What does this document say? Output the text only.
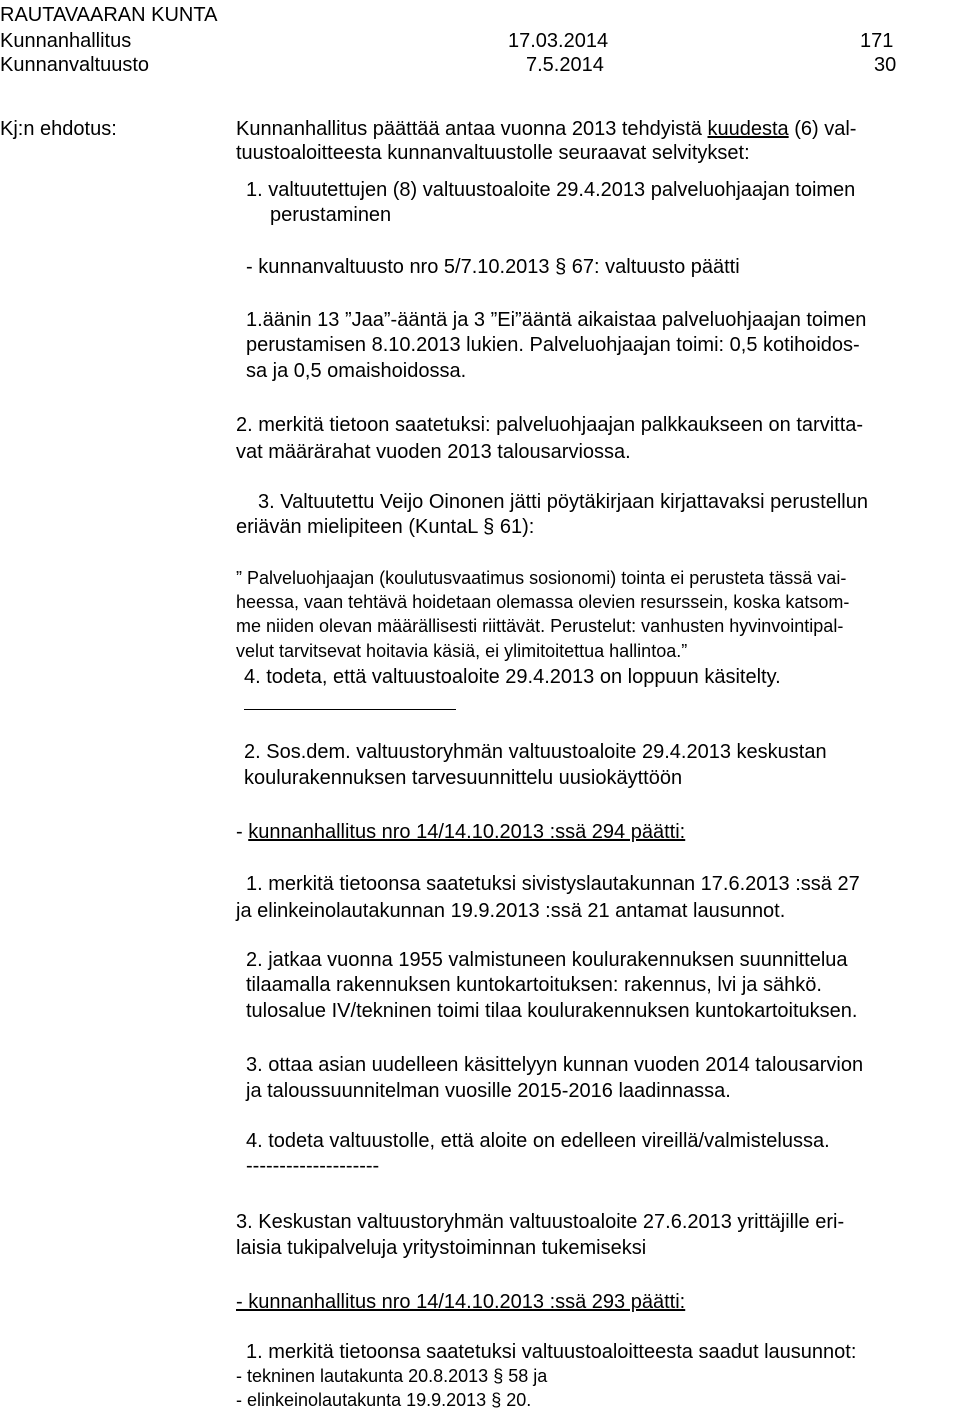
RAUTAVAARAN KUNTA
Kunnanhallitus	17.03.2014	171
Kunnanvaltuusto	7.5.2014	30
Kj:n ehdotus:	Kunnanhallitus päättää antaa vuonna 2013 tehdyistä kuudesta (6) val-
tuustoaloitteesta kunnanvaltuustolle seuraavat selvitykset:
1. valtuutettujen (8) valtuustoaloite 29.4.2013 palveluohjaajan toimen
perustaminen
- kunnanvaltuusto nro 5/7.10.2013 § 67: valtuusto päätti
1.äänin 13 ”Jaa”-ääntä ja 3 ”Ei”ääntä aikaistaa palveluohjaajan toimen
perustamisen 8.10.2013 lukien. Palveluohjaajan toimi: 0,5 kotihoidos-
sa ja 0,5 omaishoidossa.
2. merkitä tietoon saatetuksi: palveluohjaajan palkkaukseen on tarvitta-
vat määrärahat vuoden 2013 talousarviossa.
3. Valtuutettu Veijo Oinonen jätti pöytäkirjaan kirjattavaksi perustellun
eriävän mielipiteen (KuntaL § 61):
” Palveluohjaajan (koulutusvaatimus sosionomi) tointa ei perusteta tässä vai-
heessa, vaan tehtävä hoidetaan olemassa olevien resurssein, koska katsom-
me niiden olevan määrällisesti riittävät. Perustelut: vanhusten hyvinvointipal-
velut tarvitsevat hoitavia käsiä, ei ylimitoitettua hallintoa.”
4. todeta, että valtuustoaloite 29.4.2013 on loppuun käsitelty.
2. Sos.dem. valtuustoryhmän valtuustoaloite 29.4.2013 keskustan
koulurakennuksen tarvesuunnittelu uusiokäyttöön
- kunnanhallitus nro 14/14.10.2013 :ssä 294 päätti:
1. merkitä tietoonsa saatetuksi sivistyslautakunnan 17.6.2013 :ssä 27
ja elinkeinolautakunnan 19.9.2013 :ssä 21 antamat lausunnot.
2. jatkaa vuonna 1955 valmistuneen koulurakennuksen suunnittelua
tilaamalla rakennuksen kuntokartoituksen: rakennus, lvi ja sähkö.
tulosalue IV/tekninen toimi tilaa koulurakennuksen kuntokartoituksen.
3. ottaa asian uudelleen käsittelyyn kunnan vuoden 2014 talousarvion
ja taloussuunnitelman vuosille 2015-2016 laadinnassa.
4. todeta valtuustolle, että aloite on edelleen vireillä/valmistelussa.
--------------------
3. Keskustan valtuustoryhmän valtuustoaloite 27.6.2013 yrittäjille eri-
laisia tukipalveluja yritystoiminnan tukemiseksi
- kunnanhallitus nro 14/14.10.2013 :ssä 293 päätti:
1. merkitä tietoonsa saatetuksi valtuustoaloitteesta saadut lausunnot:
- tekninen lautakunta 20.8.2013 § 58 ja
- elinkeinolautakunta 19.9.2013 § 20.
